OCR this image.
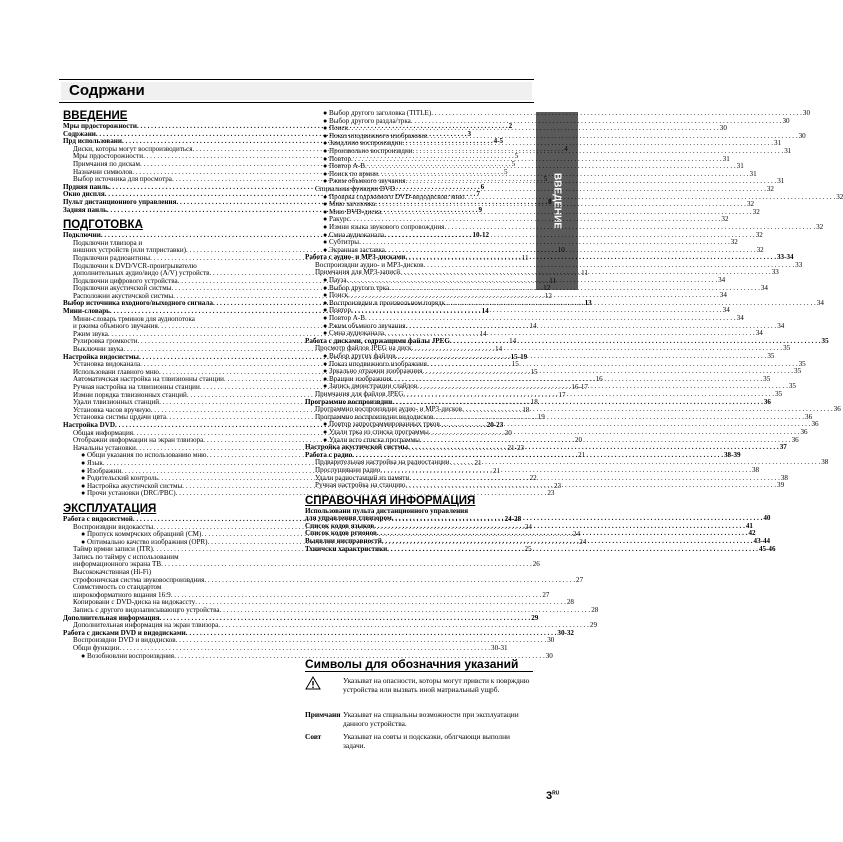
Содржани
ВВЕДЕНИЕ
ВВЕДЕНИЕ
Мры прдосторожности . . .	2
Содржани . . .	3
Прд использовани . . .	4-5
Диски, которы могут воспроизводиться . . .	4
Мры прдосторожности . . .	5
Примчания по дискам . . .	5
Назначни символов . . .	5
Выбор источника для просмотра . . .	5
Прдняя панль . . .	6
Окно диспля . . .	7
Пульт дистанционного управления . . .	8
Задняя панль . . .	9
ПОДГОТОВКА
Подключни . . .	10-12
Подключни тлвизора и
вншних устройств (или тлприставки) . . .	10
Подключни радиоантнны . . .	11
Подключни к DVD/VCR-проигрывателю
дополнительных аудио/видо (A/V) устройств . . .	11
Подключни цифрового устройства . . .	11
Подключни акустичской систмы . . .	12
Расположни акустичской систмы . . .	12
Выбор источника входного/выходного сигнала . . .	13
Мини-словарь . . .	14
Мини-словарь трминов для аудиопотока
и ржима объмного звучания . . .	14
Ржим звука . . .	14
Рулировка громкости . . .	14
Выключни звука . . .	14
Настройка видосистмы . . .	15-19
Установка видоканала . . .	15
Использовани главного мню . . .	15
Автоматичская настройка на тлвизионны станции . . .	16
Ручная настройка на тлвизионны станции . . .	16-17
Измни порядка тлвизионных станций . . .	17
Удали тлвизионных станций . . .	18
Установка часов вручную . . .	18
Установка систмы црдачи цвта . . .	19
Настройка DVD . . .	20-23
Общая информация . . .	20
Отображни информации на экран тлвизора . . .	20
Начальны установки . . .	21-23
● Общи указания по использованию мню . . .	21
● Язык . . .	21
● Изображни . . .	21
● Родительский контроль . . .	22
● Настройка акустичской систмы . . .	23
● Прочи установки (DRC/PBC) . . .	23
ЭКСПЛУАТАЦИЯ
Работа с видосистмой . . .	24-28
Воспроизвдни видокассты . . .	24
● Пропуск коммрчских обращний (CM) . . .	24
● Оптимально качство изображния (OPR) . . .	24
Таймр врмни записи (ITR) . . .	25
Запись по таймру с использованим
информационного экрана ТВ . . .	26
Высококачствнная (Hi-Fi)
строфоничская систма звуковоспроизвдния . . .	27
Совмстимость со стандартом
широкоформатного вщания 16:9 . . .	27
Копировани с DVD-диска на видокассту . . .	28
Запись с другого видозаписывающго устройства . . .	28
Дополнительная информация . . .	29
Дополнительная информация на экран тлвизора . . .	29
Работа с дисками DVD и видодисками . . .	30-32
Воспроизвдни DVD и видодисков . . .	30
Общи функции . . .	30-31
● Возобновлни воспроизвдния . . .	30
● Выбор другого заголовка (TITLE) . . .	30
● Выбор другого раздла/трка . . .	30
● Поиск . . .	30
● Показ нподвижного изображния . . .	30
● Замдлнно воспроизвдни . . .	31
● Произвольно воспроизвдни . . .	31
● Повтор . . .	31
● Повтор A-B . . .	31
● Поиск по врмни . . .	31
● Ржим объмного звучания . . .	31
Спциальны функции DVD . . .	32
● Проврка содржимого DVD-видодисков: мню . . .	32
● Мню заголовка . . .	32
● Мню DVD-диска . . .	32
● Ракурс . . .	32
● Измни языка звукового сопровождния . . .	32
● Смна аудиоканала . . .	32
● Субтитры . . .	32
● Экранная заставка . . .	32
Работа с аудио- и MP3-дисками . . .	33-34
Воспроизвдни аудио- и MP3-дисков . . .	33
Примчания для MP3-записй . . .	33
● Пауза . . .	34
● Выбор другого трка . . .	34
● Поиск . . .	34
● Воспроизвдни в произвольном порядк . . .	34
● Повтор . . .	34
● Повтор A-B . . .	34
● Ржим объмного звучания . . .	34
● Смна аудиоканала . . .	34
Работа с дисками, содржащими файлы JPEG . . .	35
Просмотр файлов JPEG на диск . . .	35
● Выбор других файлов . . .	35
● Показ нподвижного изображния . . .	35
● Зркально отражни изображния . . .	35
● Вращни изображния . . .	35
● Запись дмонстрации слайдов . . .	35
Примчания для файлов JPEG . . .	35
Программно воспроизвдни . . .	36
Программно воспроизвдни аудио- и MP3-дисков . . .	36
Программно воспроизвдни видодисков . . .	36
● Повтор запрограммированных трков . . .	36
● Удали трка из списка программы . . .	36
● Удали всго списка программы . . .	36
Настройка акустичской систмы . . .	37
Работа с радио . . .	38-39
Прдварительная настройка на радиостанции . . .	38
Прослушивани радио . . .	38
Удали радиостанций из памяти . . .	38
Ручная настройка на станцию . . .	39
СПРАВОЧНАЯ ИНФОРМАЦИЯ
Использовани пульта дистанционного управления
для управления тлвизором . . .	40
Список кодов языков . . .	41
Список кодов ргионов . . .	42
Выявлни нисправностй . . .	43-44
Тхничски характристики . . .	45-46
Символы для обозначния указаний
Указыват на опасности, которы могут привсти к поврждню устройства или вызвать иной матриальный ущрб.
Примчани Указыват на спциальны возможности при эксплуатации данного устройства.
Совт	Указыват на совты и подсказки, облгчающи выполни задачи.
$3^{RU}$
